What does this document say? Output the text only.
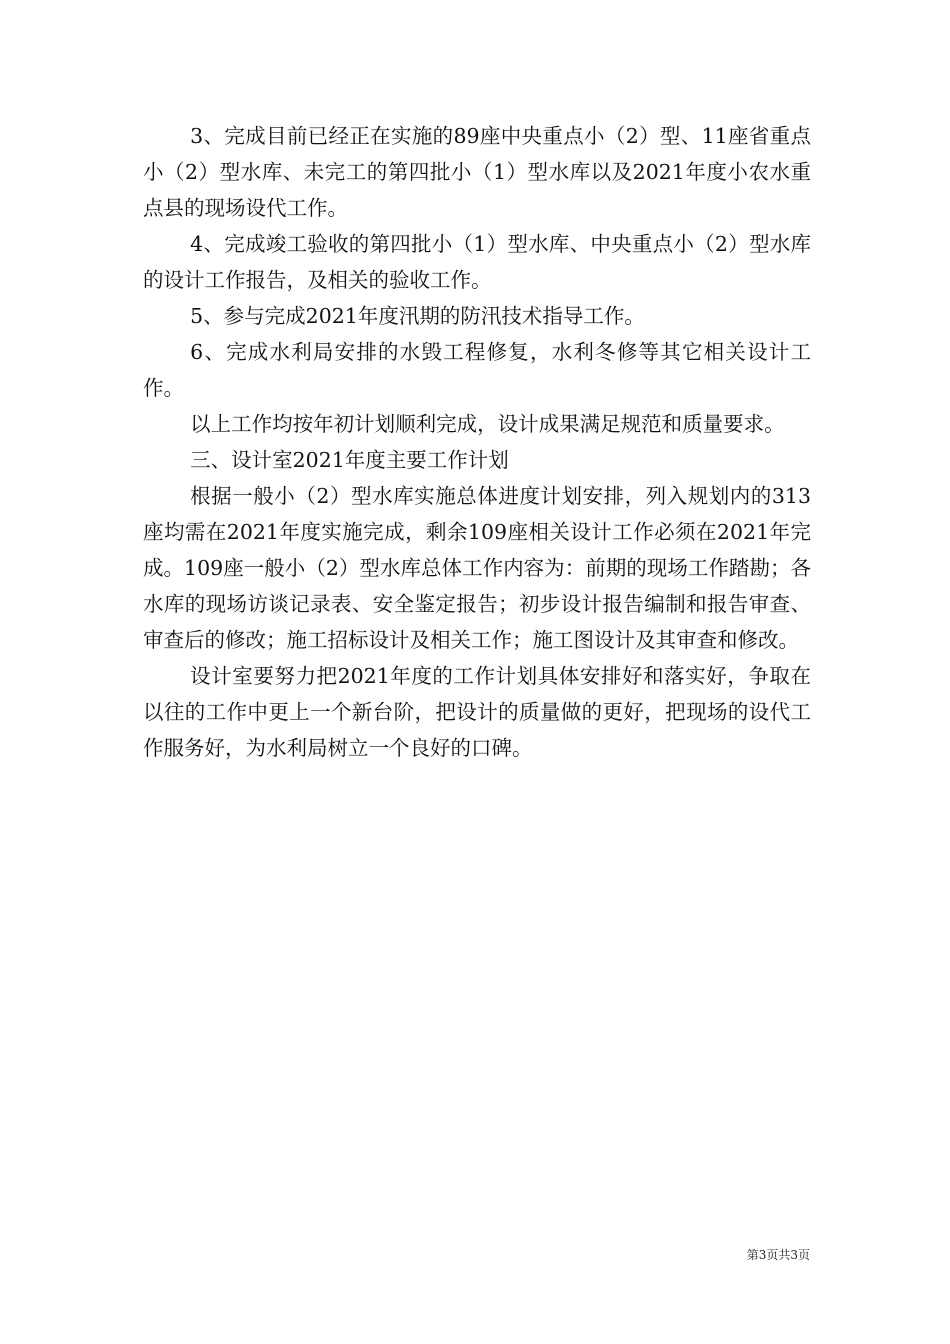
3、完成目前已经正在实施的89座中央重点小（2）型、11座省重点小（2）型水库、未完工的第四批小（1）型水库以及2021年度小农水重点县的现场设代工作。

4、完成竣工验收的第四批小（1）型水库、中央重点小（2）型水库的设计工作报告，及相关的验收工作。

5、参与完成2021年度汛期的防汛技术指导工作。

6、完成水利局安排的水毁工程修复，水利冬修等其它相关设计工作。

以上工作均按年初计划顺利完成，设计成果满足规范和质量要求。

三、设计室2021年度主要工作计划

根据一般小（2）型水库实施总体进度计划安排，列入规划内的313座均需在2021年度实施完成，剩余109座相关设计工作必须在2021年完成。109座一般小（2）型水库总体工作内容为：前期的现场工作踏勘；各水库的现场访谈记录表、安全鉴定报告；初步设计报告编制和报告审查、审查后的修改；施工招标设计及相关工作；施工图设计及其审查和修改。

设计室要努力把2021年度的工作计划具体安排好和落实好，争取在以往的工作中更上一个新台阶，把设计的质量做的更好，把现场的设代工作服务好，为水利局树立一个良好的口碑。

第3页共3页
